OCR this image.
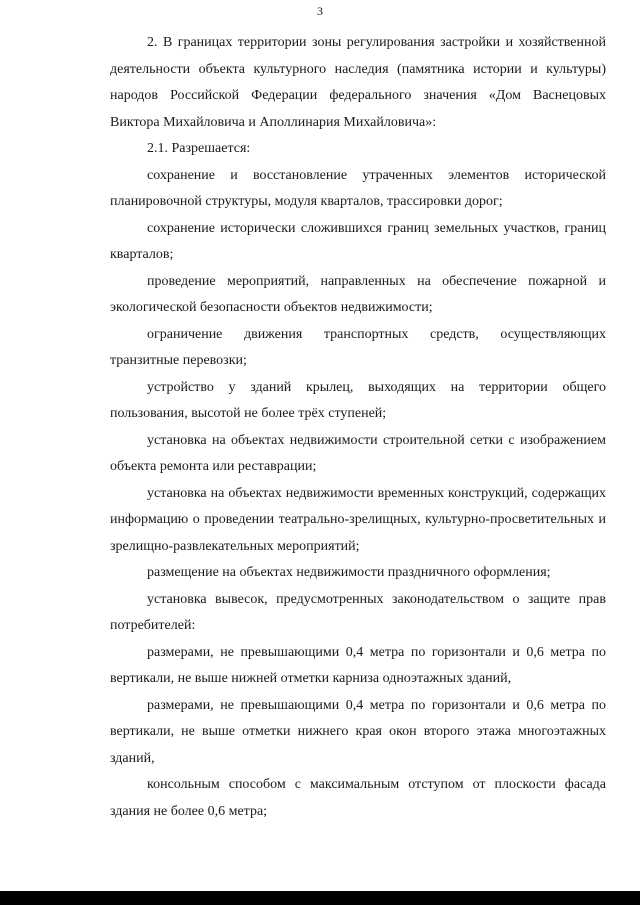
3

2. В границах территории зоны регулирования застройки и хозяйственной деятельности объекта культурного наследия (памятника истории и культуры) народов Российской Федерации федерального значения «Дом Васнецовых Виктора Михайловича и Аполлинария Михайловича»:

2.1. Разрешается:

сохранение и восстановление утраченных элементов исторической планировочной структуры, модуля кварталов, трассировки дорог;

сохранение исторически сложившихся границ земельных участков, границ кварталов;

проведение мероприятий, направленных на обеспечение пожарной и экологической безопасности объектов недвижимости;

ограничение движения транспортных средств, осуществляющих транзитные перевозки;

устройство у зданий крылец, выходящих на территории общего пользования, высотой не более трёх ступеней;

установка на объектах недвижимости строительной сетки с изображением объекта ремонта или реставрации;

установка на объектах недвижимости временных конструкций, содержащих информацию о проведении театрально-зрелищных, культурно-просветительных и зрелищно-развлекательных мероприятий;

размещение на объектах недвижимости праздничного оформления;

установка вывесок, предусмотренных законодательством о защите прав потребителей:

размерами, не превышающими 0,4 метра по горизонтали и 0,6 метра по вертикали, не выше нижней отметки карниза одноэтажных зданий,

размерами, не превышающими 0,4 метра по горизонтали и 0,6 метра по вертикали, не выше отметки нижнего края окон второго этажа многоэтажных зданий,

консольным способом с максимальным отступом от плоскости фасада здания не более 0,6 метра;
